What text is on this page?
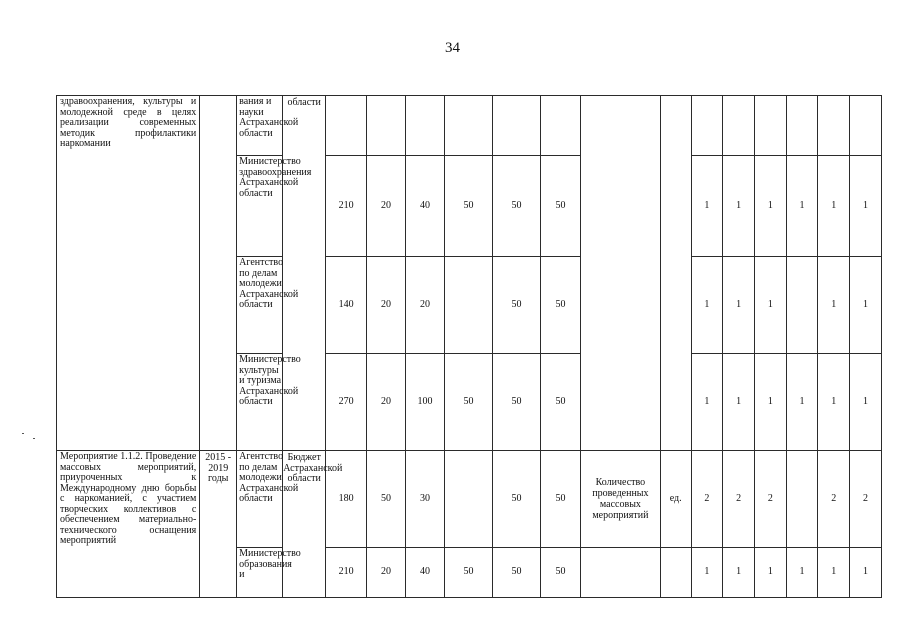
34
здравоохранения, культуры и молодежной среде в целях реализации современных методик профилактики наркомании		вания и науки Астраханской области	области														

		Министерство здравоохранения Астраханской области		210	20	40	50	50	50			1	1	1	1	1	1

		Агентство по делам молодежи Астраханской области		140	20	20		50	50			1	1	1		1	1

		Министерство культуры и туризма Астраханской области		270	20	100	50	50	50			1	1	1	1	1	1

Мероприятие 1.1.2. Проведение массовых мероприятий, приуроченных к Международному дню борьбы с наркоманией, с участием творческих коллективов с обеспечением материально-технического оснащения мероприятий	2015 - 2019 годы	Агентство по делам молодежи Астраханской области	Бюджет Астраханской области	180	50	30		50	50	Количество проведенных массовых мероприятий	ед.	2	2	2		2	2

		Министерство образования и		210	20	40	50	50	50			1	1	1	1	1	1
